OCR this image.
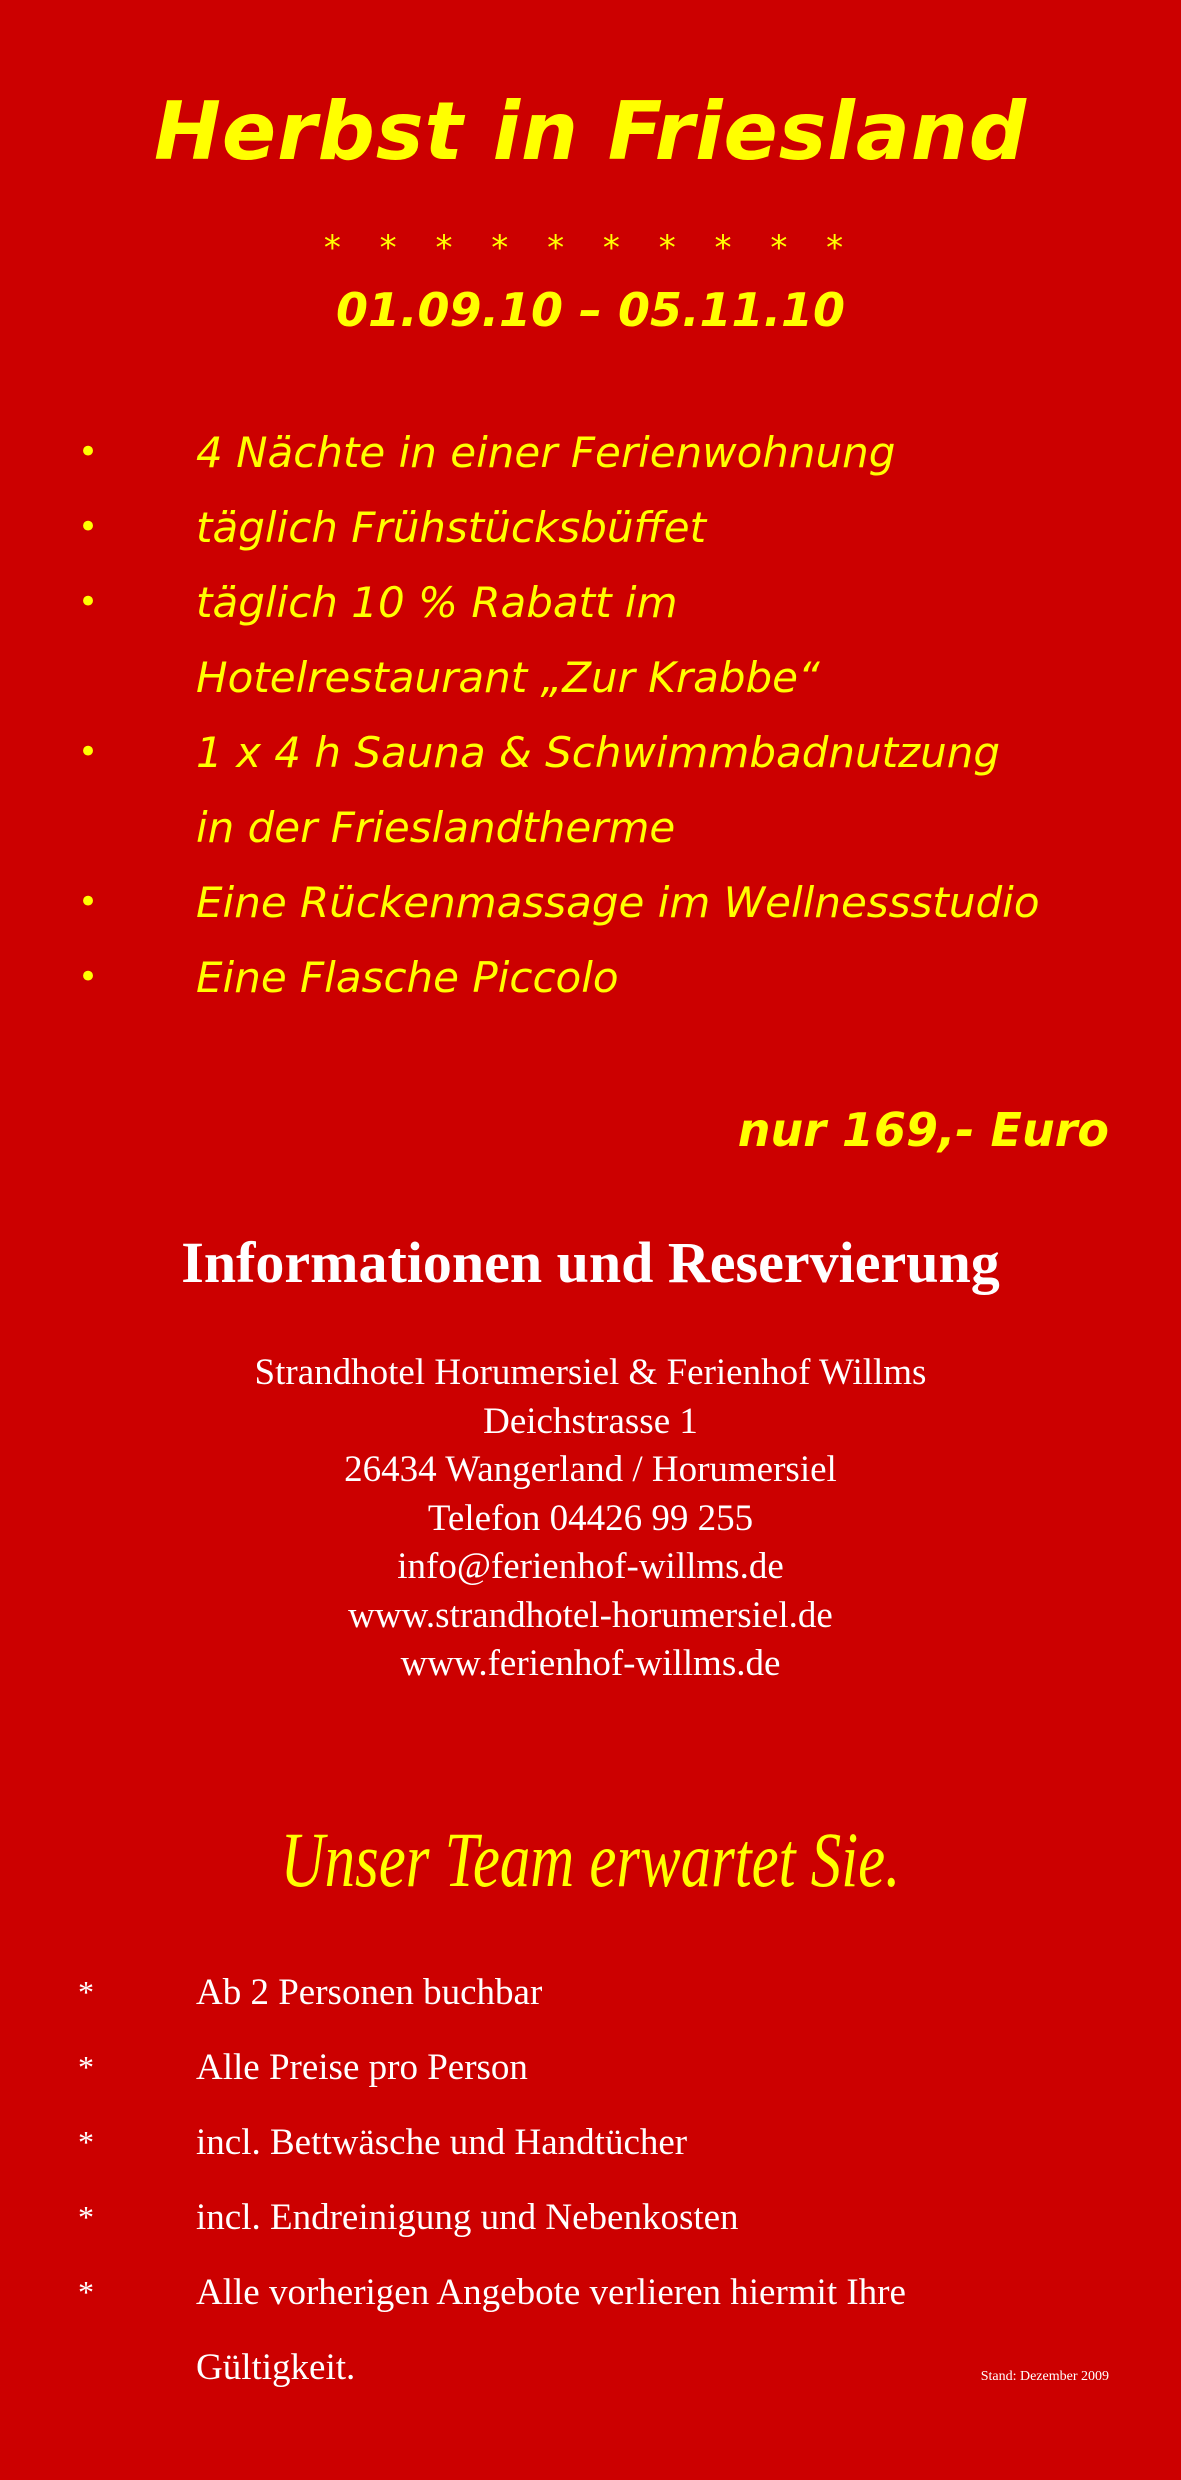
Herbst in Friesland
* * * * * * * * * *
01.09.10 – 05.11.10
• 4 Nächte in einer Ferienwohnung
• täglich Frühstücksbüffet
• täglich 10 % Rabatt im
Hotelrestaurant „Zur Krabbe“
• 1 x 4 h Sauna & Schwimmbadnutzung
in der Frieslandtherme
• Eine Rückenmassage im Wellnessstudio
• Eine Flasche Piccolo
nur 169,- Euro
Informationen und Reservierung
Strandhotel Horumersiel & Ferienhof Willms
Deichstrasse 1
26434 Wangerland / Horumersiel
Telefon 04426 99 255
info@ferienhof-willms.de
www.strandhotel-horumersiel.de
www.ferienhof-willms.de
Unser Team erwartet Sie.
*	Ab 2 Personen buchbar
*	Alle Preise pro Person
*	incl. Bettwäsche und Handtücher
*	incl. Endreinigung und Nebenkosten
*	Alle vorherigen Angebote verlieren hiermit Ihre Gültigkeit.	Stand: Dezember 2009
